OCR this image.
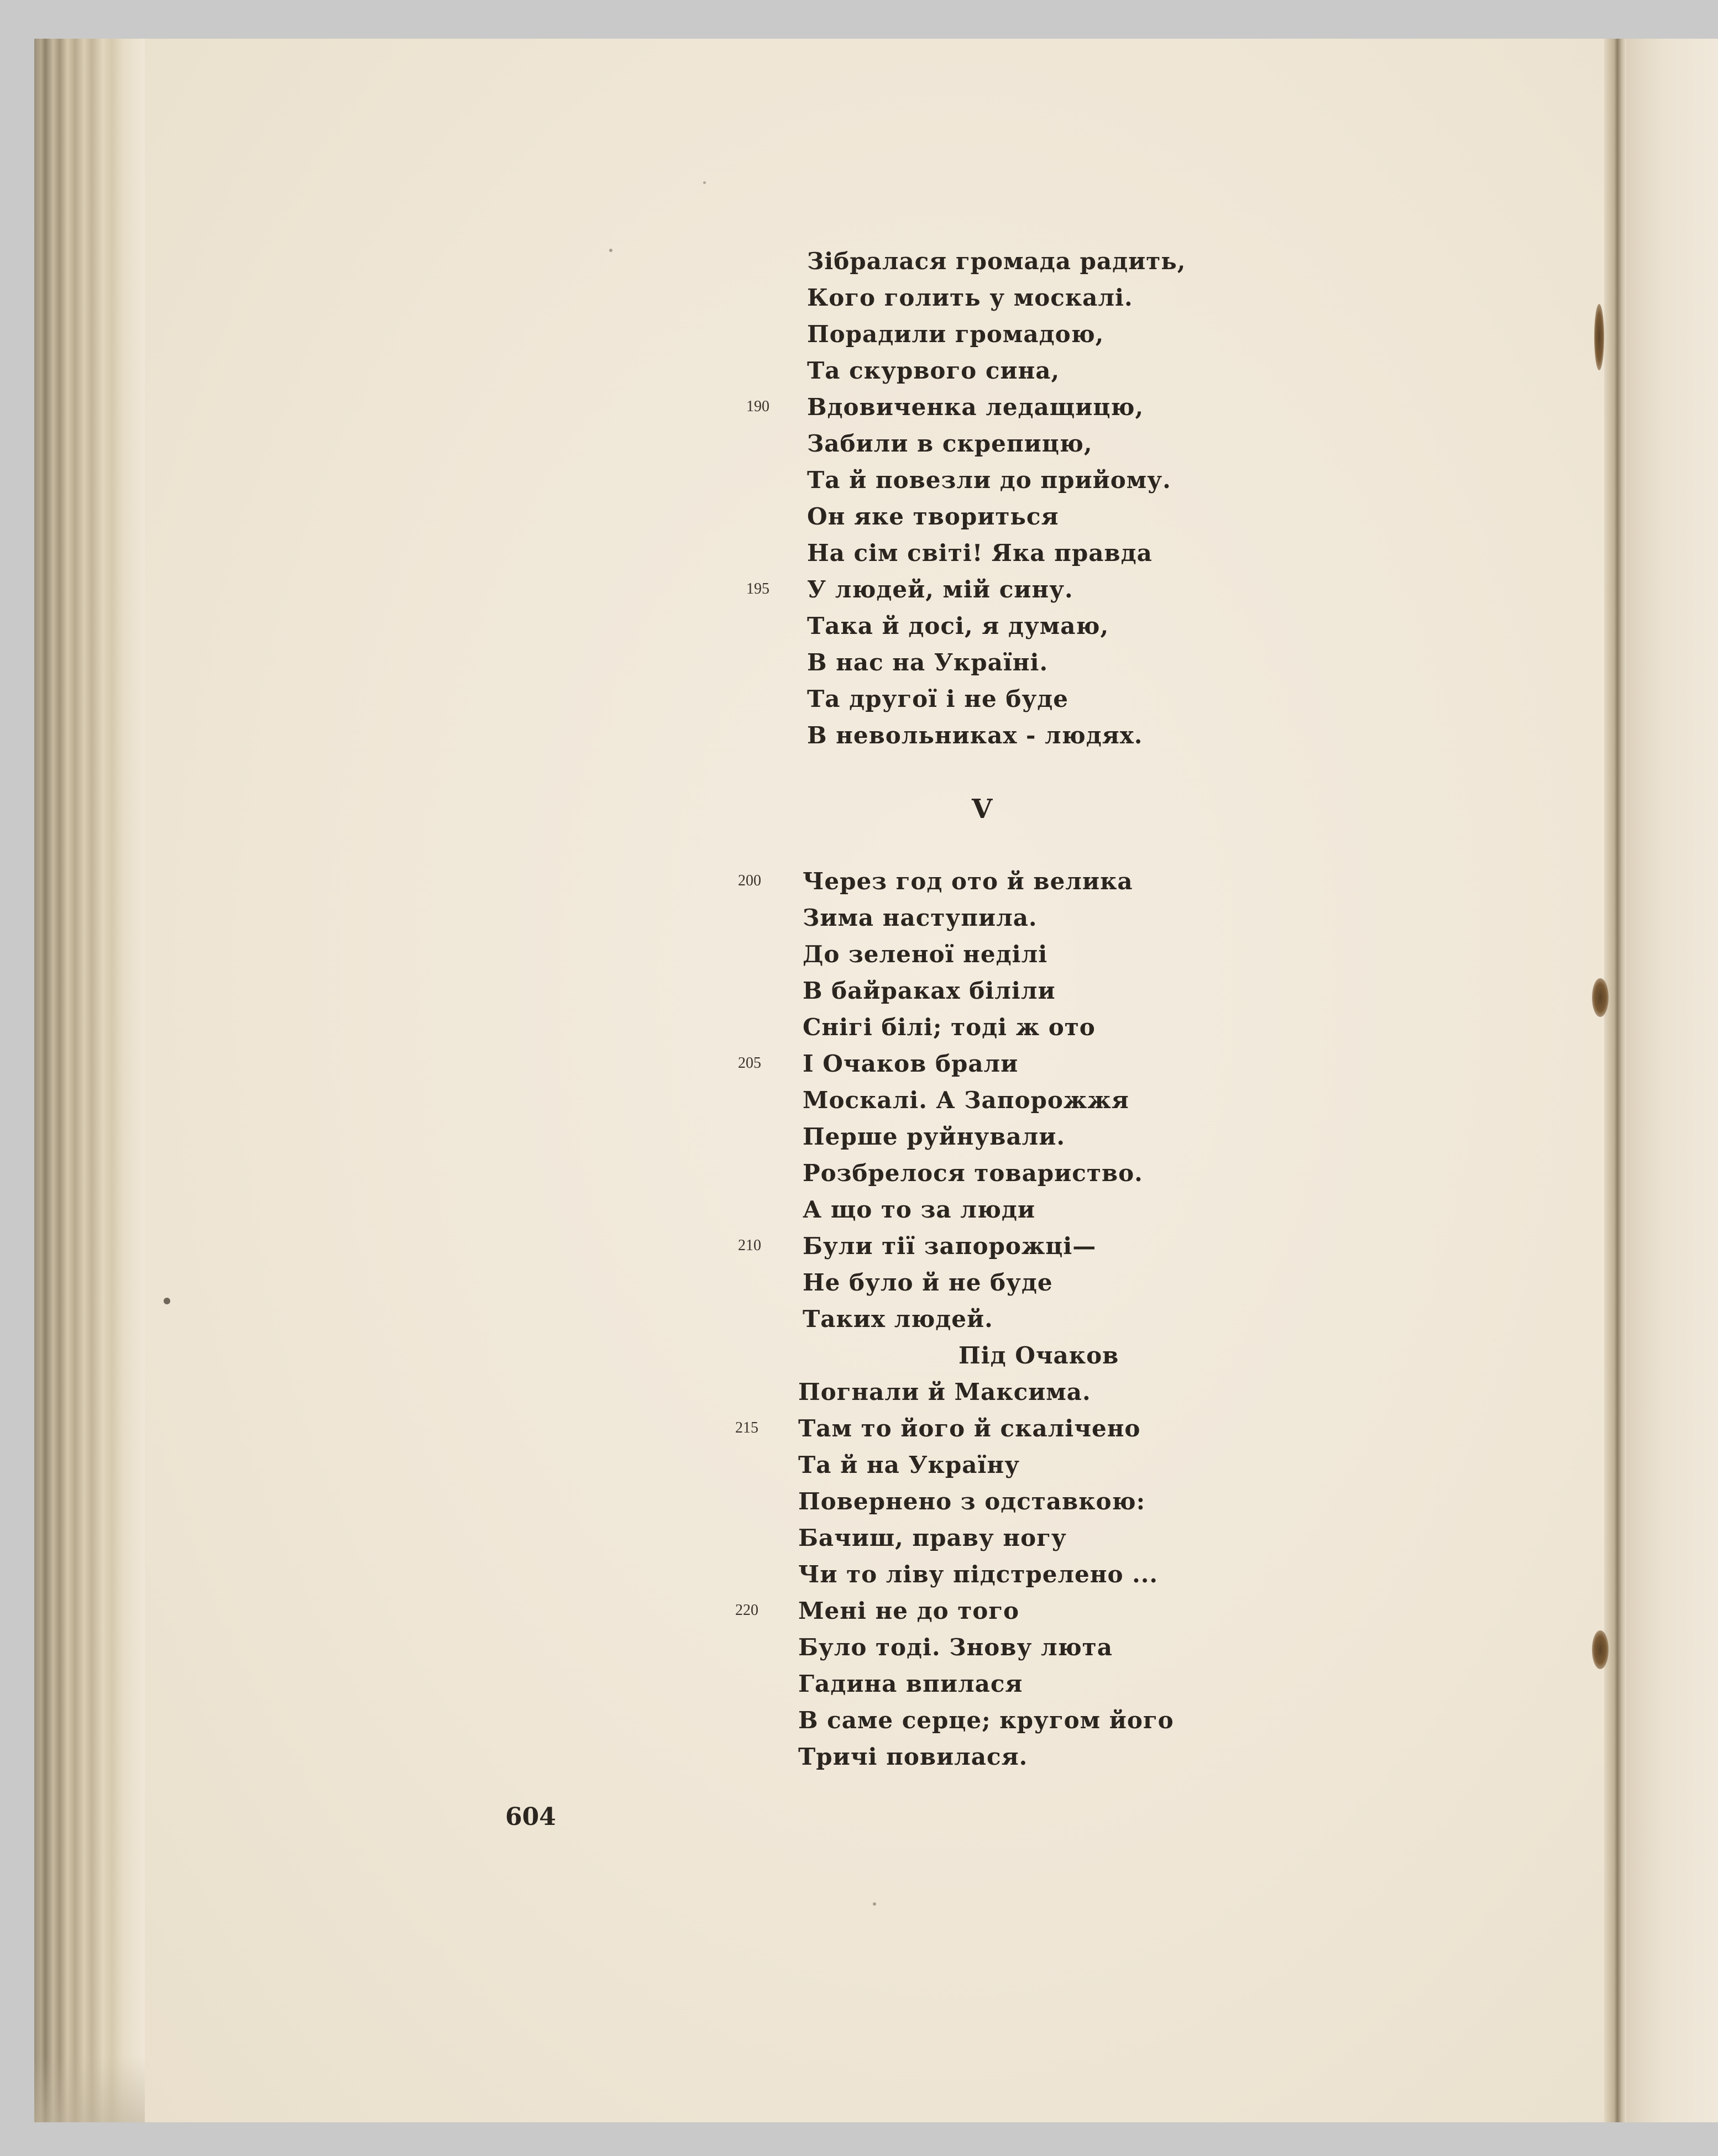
Зібралася громада радить,
Кого голить у москалі.
Порадили громадою,
Та скурвого сина,
190 Вдовиченка ледащицю,
Забили в скрепицю,
Та й повезли до прийому.
Он яке твориться
На сім світі! Яка правда
195 У людей, мій сину.
Така й досі, я думаю,
В нас на Україні.
Та другої і не буде
В невольниках - людях.
V
200 Через год ото й велика
Зима наступила.
До зеленої неділі
В байраках біліли
Снігі білі; тоді ж ото
205 І Очаков брали
Москалі. А Запорожжя
Перше руйнували.
Розбрелося товариство.
А що то за люди
210 Були тії запорожці—
Не було й не буде
Таких людей.
Під Очаков
Погнали й Максима.
215 Там то його й скалічено
Та й на Україну
Повернено з одставкою:
Бачиш, праву ногу
Чи то ліву підстрелено ...
220 Мені не до того
Було тоді. Знову люта
Гадина впилася
В саме серце; кругом його
Тричі повилася.
604
